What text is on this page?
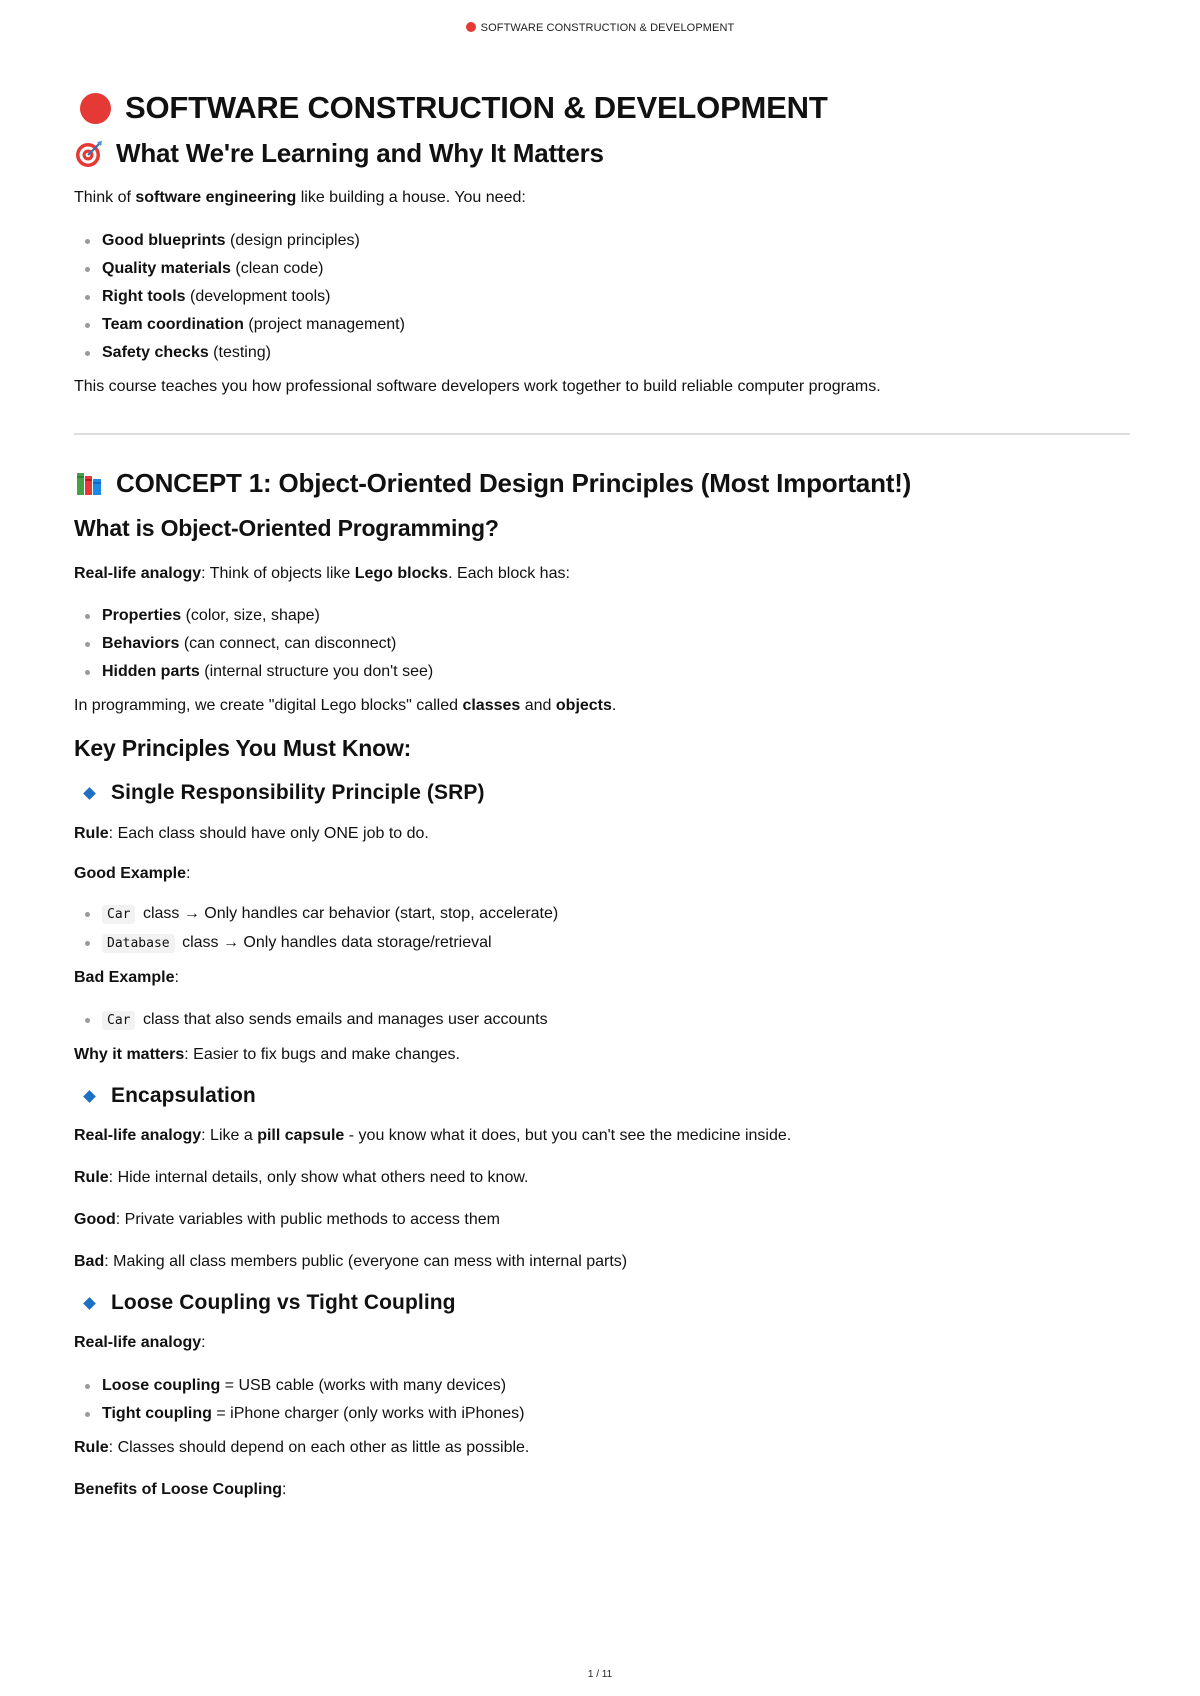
SOFTWARE CONSTRUCTION & DEVELOPMENT
SOFTWARE CONSTRUCTION & DEVELOPMENT
What We're Learning and Why It Matters

Think of software engineering like building a house. You need:

Good blueprints (design principles)
Quality materials (clean code)
Right tools (development tools)
Team coordination (project management)
Safety checks (testing)

This course teaches you how professional software developers work together to build reliable computer programs.

CONCEPT 1: Object-Oriented Design Principles (Most Important!)
What is Object-Oriented Programming?

Real-life analogy: Think of objects like Lego blocks. Each block has:

Properties (color, size, shape)
Behaviors (can connect, can disconnect)
Hidden parts (internal structure you don't see)

In programming, we create "digital Lego blocks" called classes and objects.

Key Principles You Must Know:
Single Responsibility Principle (SRP)

Rule: Each class should have only ONE job to do.

Good Example:

Car class → Only handles car behavior (start, stop, accelerate)
Database class → Only handles data storage/retrieval

Bad Example:

Car class that also sends emails and manages user accounts

Why it matters: Easier to fix bugs and make changes.

Encapsulation

Real-life analogy: Like a pill capsule - you know what it does, but you can't see the medicine inside.

Rule: Hide internal details, only show what others need to know.

Good: Private variables with public methods to access them

Bad: Making all class members public (everyone can mess with internal parts)

Loose Coupling vs Tight Coupling

Real-life analogy:

Loose coupling = USB cable (works with many devices)
Tight coupling = iPhone charger (only works with iPhones)

Rule: Classes should depend on each other as little as possible.

Benefits of Loose Coupling:

1 / 11
